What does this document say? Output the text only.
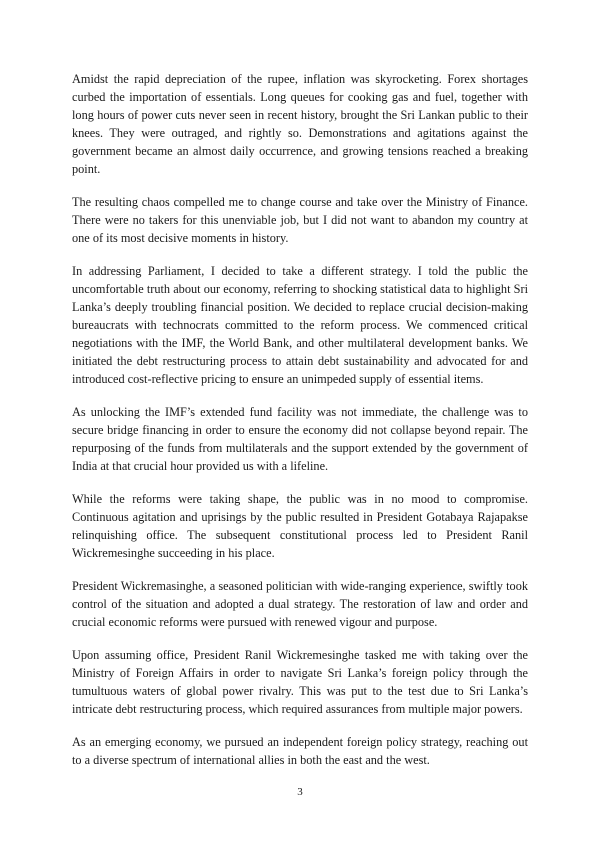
Amidst the rapid depreciation of the rupee, inflation was skyrocketing. Forex shortages curbed the importation of essentials. Long queues for cooking gas and fuel, together with long hours of power cuts never seen in recent history, brought the Sri Lankan public to their knees. They were outraged, and rightly so. Demonstrations and agitations against the government became an almost daily occurrence, and growing tensions reached a breaking point.

The resulting chaos compelled me to change course and take over the Ministry of Finance. There were no takers for this unenviable job, but I did not want to abandon my country at one of its most decisive moments in history.

In addressing Parliament, I decided to take a different strategy. I told the public the uncomfortable truth about our economy, referring to shocking statistical data to highlight Sri Lanka’s deeply troubling financial position. We decided to replace crucial decision-making bureaucrats with technocrats committed to the reform process. We commenced critical negotiations with the IMF, the World Bank, and other multilateral development banks. We initiated the debt restructuring process to attain debt sustainability and advocated for and introduced cost-reflective pricing to ensure an unimpeded supply of essential items.

As unlocking the IMF’s extended fund facility was not immediate, the challenge was to secure bridge financing in order to ensure the economy did not collapse beyond repair. The repurposing of the funds from multilaterals and the support extended by the government of India at that crucial hour provided us with a lifeline.

While the reforms were taking shape, the public was in no mood to compromise. Continuous agitation and uprisings by the public resulted in President Gotabaya Rajapakse relinquishing office. The subsequent constitutional process led to President Ranil Wickremesinghe succeeding in his place.

President Wickremasinghe, a seasoned politician with wide-ranging experience, swiftly took control of the situation and adopted a dual strategy. The restoration of law and order and crucial economic reforms were pursued with renewed vigour and purpose.

Upon assuming office, President Ranil Wickremesinghe tasked me with taking over the Ministry of Foreign Affairs in order to navigate Sri Lanka’s foreign policy through the tumultuous waters of global power rivalry. This was put to the test due to Sri Lanka’s intricate debt restructuring process, which required assurances from multiple major powers.

As an emerging economy, we pursued an independent foreign policy strategy, reaching out to a diverse spectrum of international allies in both the east and the west.

3
